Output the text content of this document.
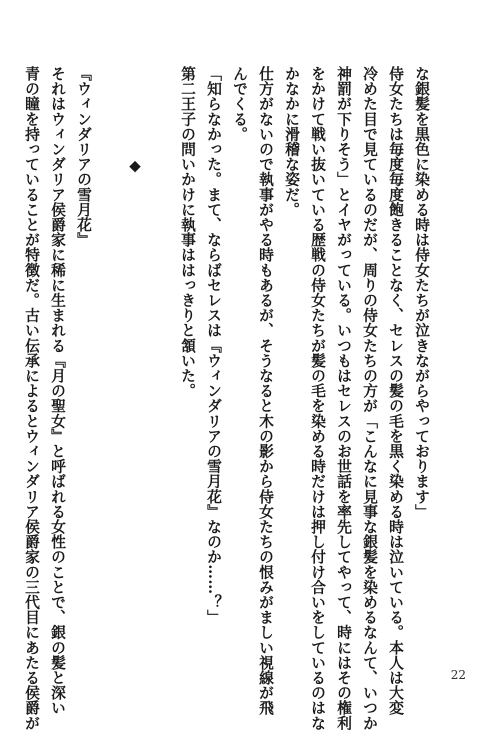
な銀髪を黒色に染める時は侍女たちが泣きながらやっております」
侍女たちは毎度毎度飽きることなく、セレスの髪の毛を黒く染める時は泣いている。本人は大変
冷めた目で見ているのだが、周りの侍女たちの方が「こんなに見事な銀髪を染めるなんて、いつか
神罰が下りそう」とイヤがっている。いつもはセレスのお世話を率先してやって、時にはその権利
をかけて戦い抜いている歴戦の侍女たちが髪の毛を染める時だけは押し付け合いをしているのはな
かなかに滑稽な姿だ。
仕方がないので執事がやる時もあるが、そうなると木の影から侍女たちの恨みがましい視線が飛
んでくる。
「知らなかった。まて、ならばセレスは『ウィンダリアの雪月花』なのか……？」
第二王子の問いかけに執事ははっきりと頷いた。
　　　　　　◆
『ウィンダリアの雪月花』
それはウィンダリア侯爵家に稀に生まれる『月の聖女』と呼ばれる女性のことで、銀の髪と深い
青の瞳を持っていることが特徴だ。古い伝承によるとウィンダリア侯爵家の三代目にあたる侯爵が	22
